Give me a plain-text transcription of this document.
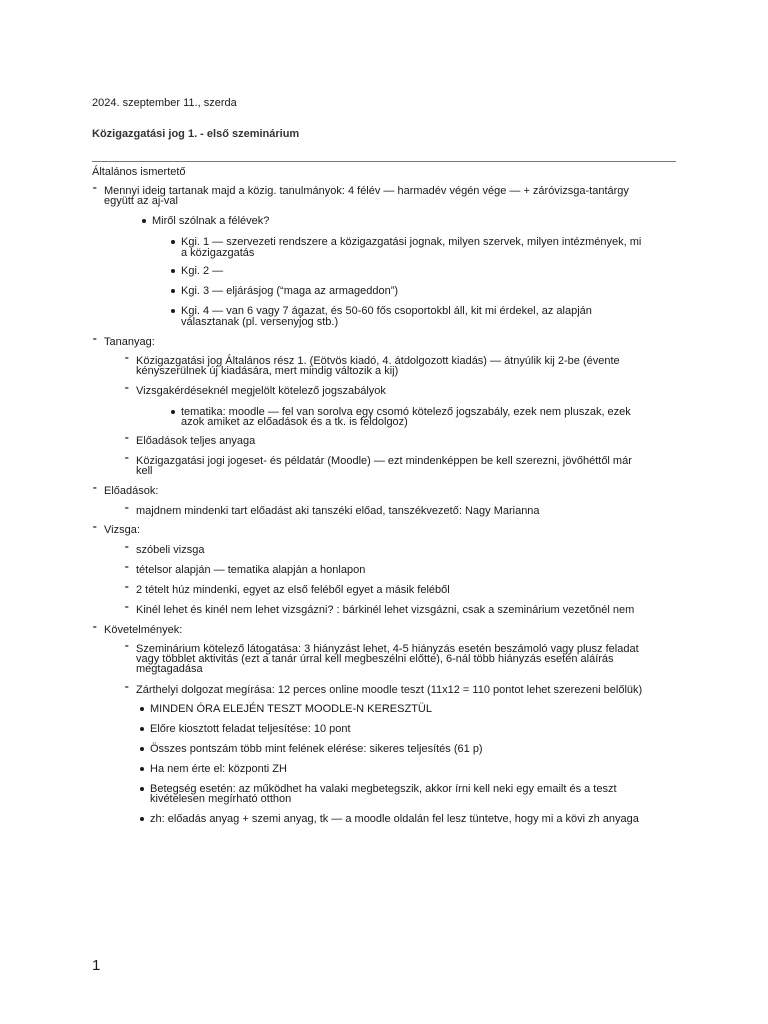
2024. szeptember 11., szerda
Közigazgatási jog 1. - első szeminárium
Általános ismertető
⁃ Mennyi ideig tartanak majd a közig. tanulmányok: 4 félév — harmadév végén vége — + záróvizsga-tantárgy
együtt az aj-val
Miről szólnak a félévek?
Kgi. 1 — szervezeti rendszere a közigazgatási jognak, milyen szervek, milyen intézmények, mi
a közigazgatás
Kgi. 2 —
Kgi. 3 — eljárásjog (“maga az armageddon”)
Kgi. 4 — van 6 vagy 7 ágazat, és 50-60 fős csoportokbl áll, kit mi érdekel, az alapján
választanak (pl. versenyjog stb.)
⁃ Tananyag:
⁃ Közigazgatási jog Általános rész 1. (Eötvös kiadó, 4. átdolgozott kiadás) — átnyúlik kij 2-be (évente
kényszerülnek új kiadására, mert mindig változik a kij)
⁃ Vizsgakérdéseknél megjelölt kötelező jogszabályok
tematika: moodle — fel van sorolva egy csomó kötelező jogszabály, ezek nem pluszak, ezek
azok amiket az előadások és a tk. is feldolgoz)
⁃ Előadások teljes anyaga
⁃ Közigazgatási jogi jogeset- és példatár (Moodle) — ezt mindenképpen be kell szerezni, jövőhéttől már
kell
⁃ Előadások:
⁃ majdnem mindenki tart előadást aki tanszéki előad, tanszékvezető: Nagy Marianna
⁃ Vizsga:
⁃ szóbeli vizsga
⁃ tételsor alapján — tematika alapján a honlapon
⁃ 2 tételt húz mindenki, egyet az első feléből egyet a másik feléből
⁃ Kinél lehet és kinél nem lehet vizsgázni? : bárkinél lehet vizsgázni, csak a szeminárium vezetőnél nem
⁃ Követelmények:
⁃ Szeminárium kötelező látogatása: 3 hiányzást lehet, 4-5 hiányzás esetén beszámoló vagy plusz feladat
vagy többlet aktivitás (ezt a tanár úrral kell megbeszélni előtte), 6-nál több hiányzás esetén aláírás
megtagadása
⁃ Zárthelyi dolgozat megírása: 12 perces online moodle teszt (11x12 = 110 pontot lehet szerezeni belőlük)
MINDEN ÓRA ELEJÉN TESZT MOODLE-N KERESZTÜL
Előre kiosztott feladat teljesítése: 10 pont
Összes pontszám több mint felének elérése: sikeres teljesítés (61 p)
Ha nem érte el: központi ZH
Betegség esetén: az működhet ha valaki megbetegszik, akkor írni kell neki egy emailt és a teszt
kivételesen megírható otthon
zh: előadás anyag + szemi anyag, tk — a moodle oldalán fel lesz tüntetve, hogy mi a kövi zh anyaga
1
